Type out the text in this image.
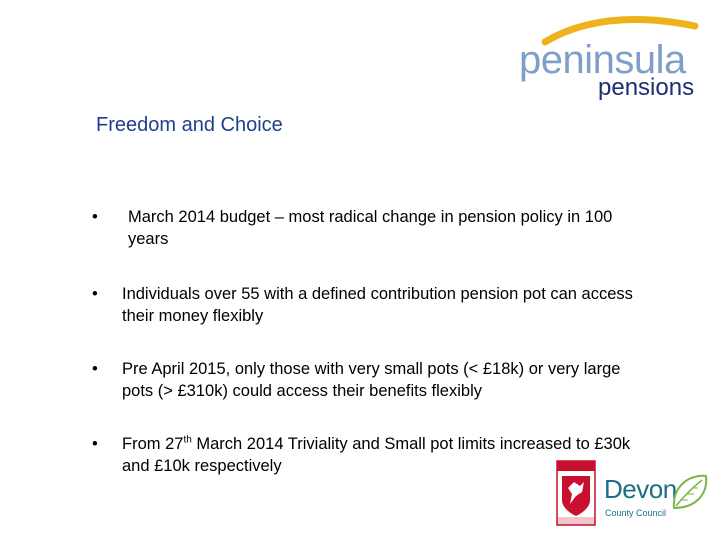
peninsula
pensions
Freedom and Choice
• March 2014 budget – most radical change in pension policy in 100 years
• Individuals over 55 with a defined contribution pension pot can access their money flexibly
• Pre April 2015, only those with very small pots (< £18k) or very large pots (> £310k) could access their benefits flexibly
• From 27th March 2014 Triviality and Small pot limits increased to £30k and £10k respectively
Devon
County Council
